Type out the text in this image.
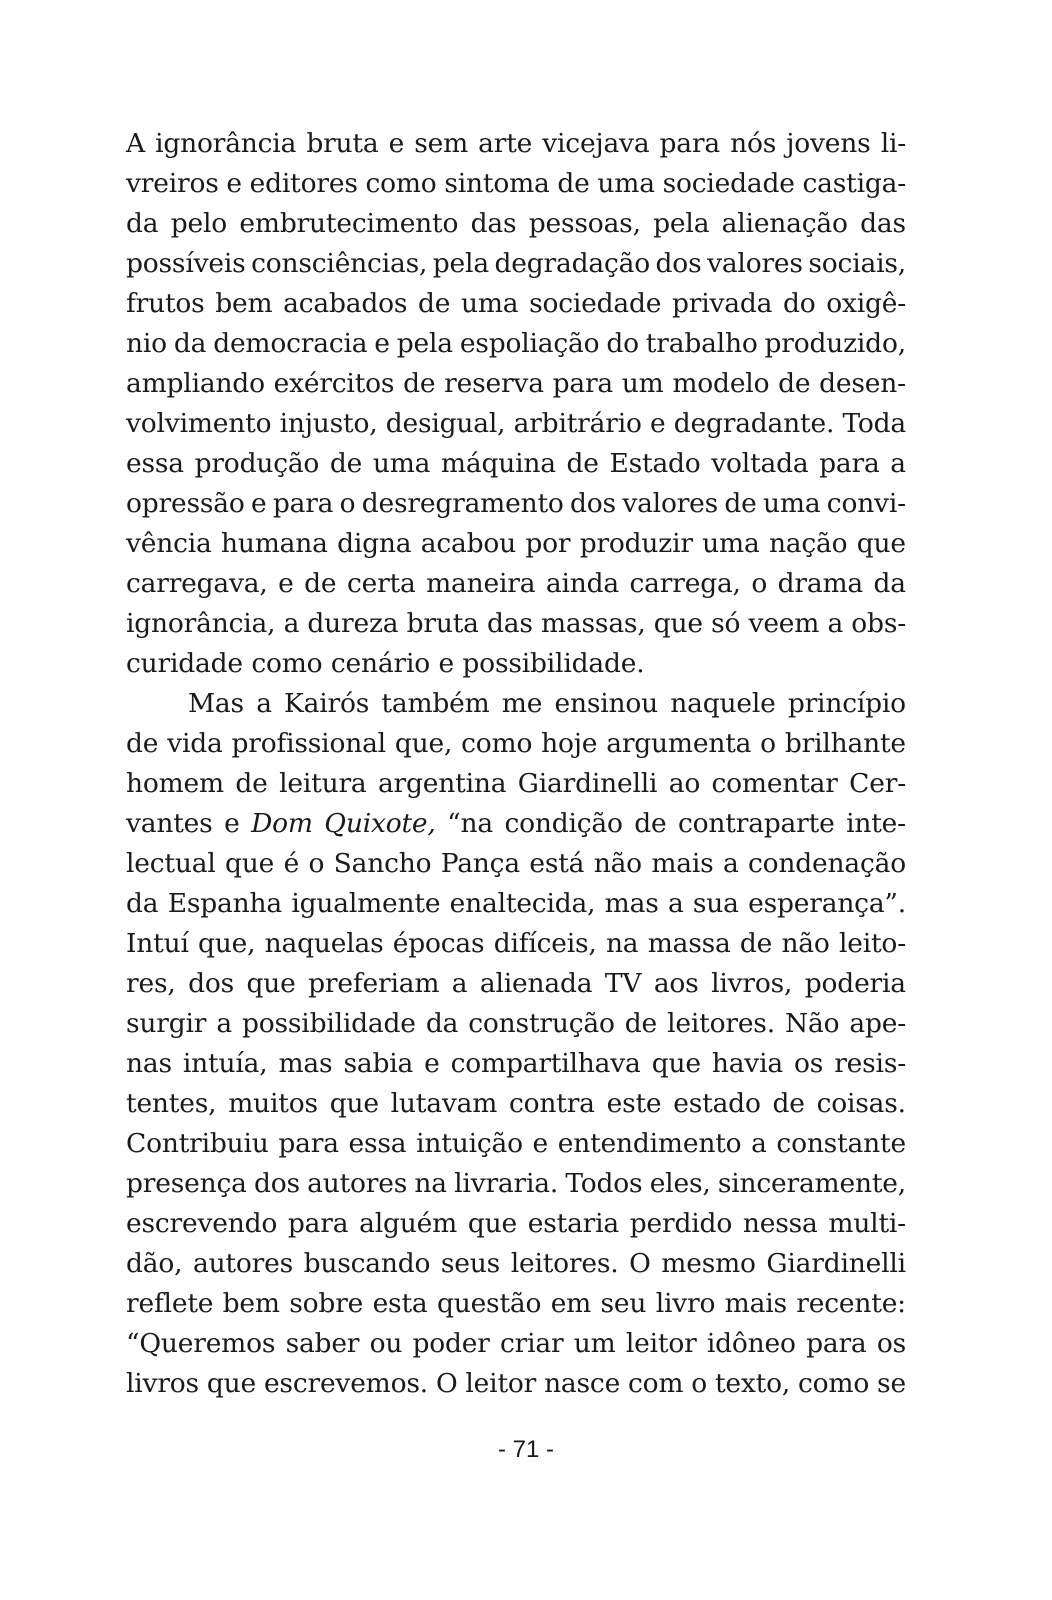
A ignorância bruta e sem arte vicejava para nós jovens li-
vreiros e editores como sintoma de uma sociedade castiga-
da pelo embrutecimento das pessoas, pela alienação das
possíveis consciências, pela degradação dos valores sociais,
frutos bem acabados de uma sociedade privada do oxigê-
nio da democracia e pela espoliação do trabalho produzido,
ampliando exércitos de reserva para um modelo de desen-
volvimento injusto, desigual, arbitrário e degradante. Toda
essa produção de uma máquina de Estado voltada para a
opressão e para o desregramento dos valores de uma convi-
vência humana digna acabou por produzir uma nação que
carregava, e de certa maneira ainda carrega, o drama da
ignorância, a dureza bruta das massas, que só veem a obs-
curidade como cenário e possibilidade.
Mas a Kairós também me ensinou naquele princípio
de vida profissional que, como hoje argumenta o brilhante
homem de leitura argentina Giardinelli ao comentar Cer-
vantes e Dom Quixote, “na condição de contraparte inte-
lectual que é o Sancho Pança está não mais a condenação
da Espanha igualmente enaltecida, mas a sua esperança”.
Intuí que, naquelas épocas difíceis, na massa de não leito-
res, dos que preferiam a alienada TV aos livros, poderia
surgir a possibilidade da construção de leitores. Não ape-
nas intuía, mas sabia e compartilhava que havia os resis-
tentes, muitos que lutavam contra este estado de coisas.
Contribuiu para essa intuição e entendimento a constante
presença dos autores na livraria. Todos eles, sinceramente,
escrevendo para alguém que estaria perdido nessa multi-
dão, autores buscando seus leitores. O mesmo Giardinelli
reflete bem sobre esta questão em seu livro mais recente:
“Queremos saber ou poder criar um leitor idôneo para os
livros que escrevemos. O leitor nasce com o texto, como se
- 71 -
